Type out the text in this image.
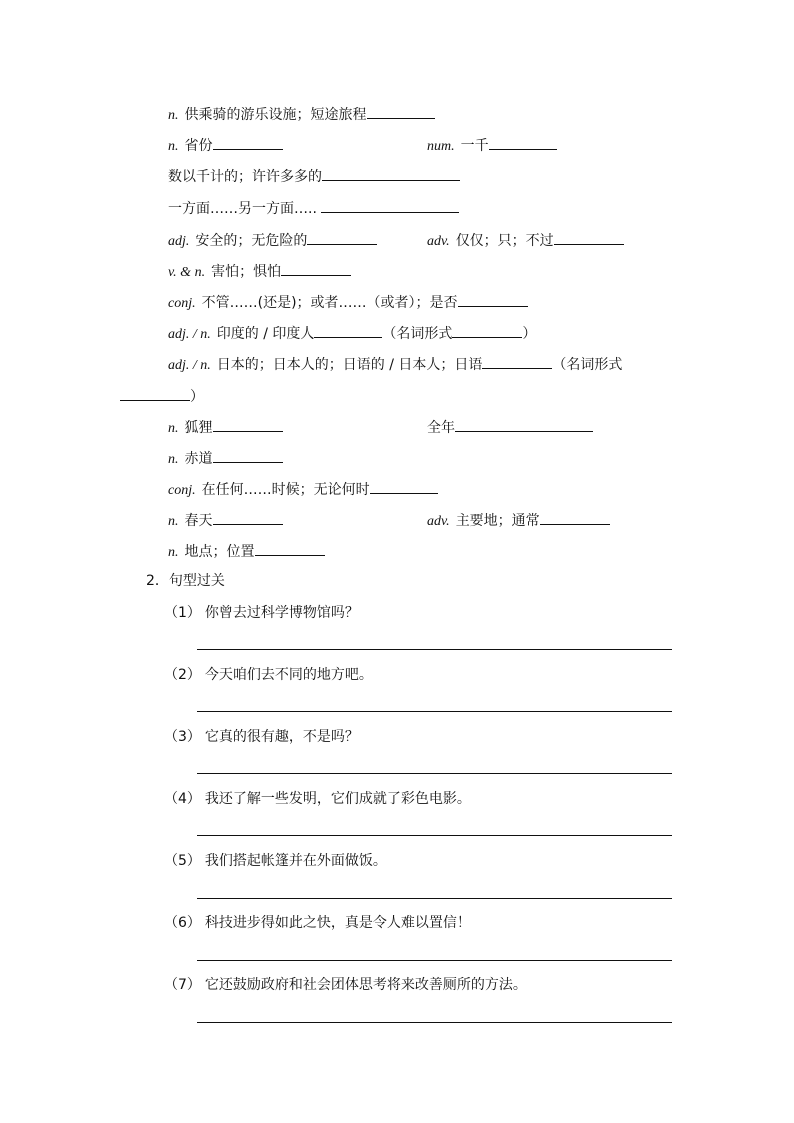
n. 供乘骑的游乐设施；短途旅程
n. 省份	num. 一千
数以千计的；许许多多的
一方面……另一方面…..
adj. 安全的；无危险的	adv. 仅仅；只；不过
v. & n. 害怕；惧怕
conj. 不管……(还是)；或者……（或者）；是否
adj. / n. 印度的 / 印度人	（名词形式	）
adj. / n. 日本的；日本人的；日语的 / 日本人；日语	（名词形式
）
n. 狐狸	全年
n. 赤道
conj. 在任何……时候；无论何时
n. 春天	adv. 主要地；通常
n. 地点；位置
2．句型过关
（1） 你曾去过科学博物馆吗？
（2） 今天咱们去不同的地方吧。
（3） 它真的很有趣，不是吗？
（4） 我还了解一些发明，它们成就了彩色电影。
（5） 我们搭起帐篷并在外面做饭。
（6） 科技进步得如此之快，真是令人难以置信！
（7） 它还鼓励政府和社会团体思考将来改善厕所的方法。
